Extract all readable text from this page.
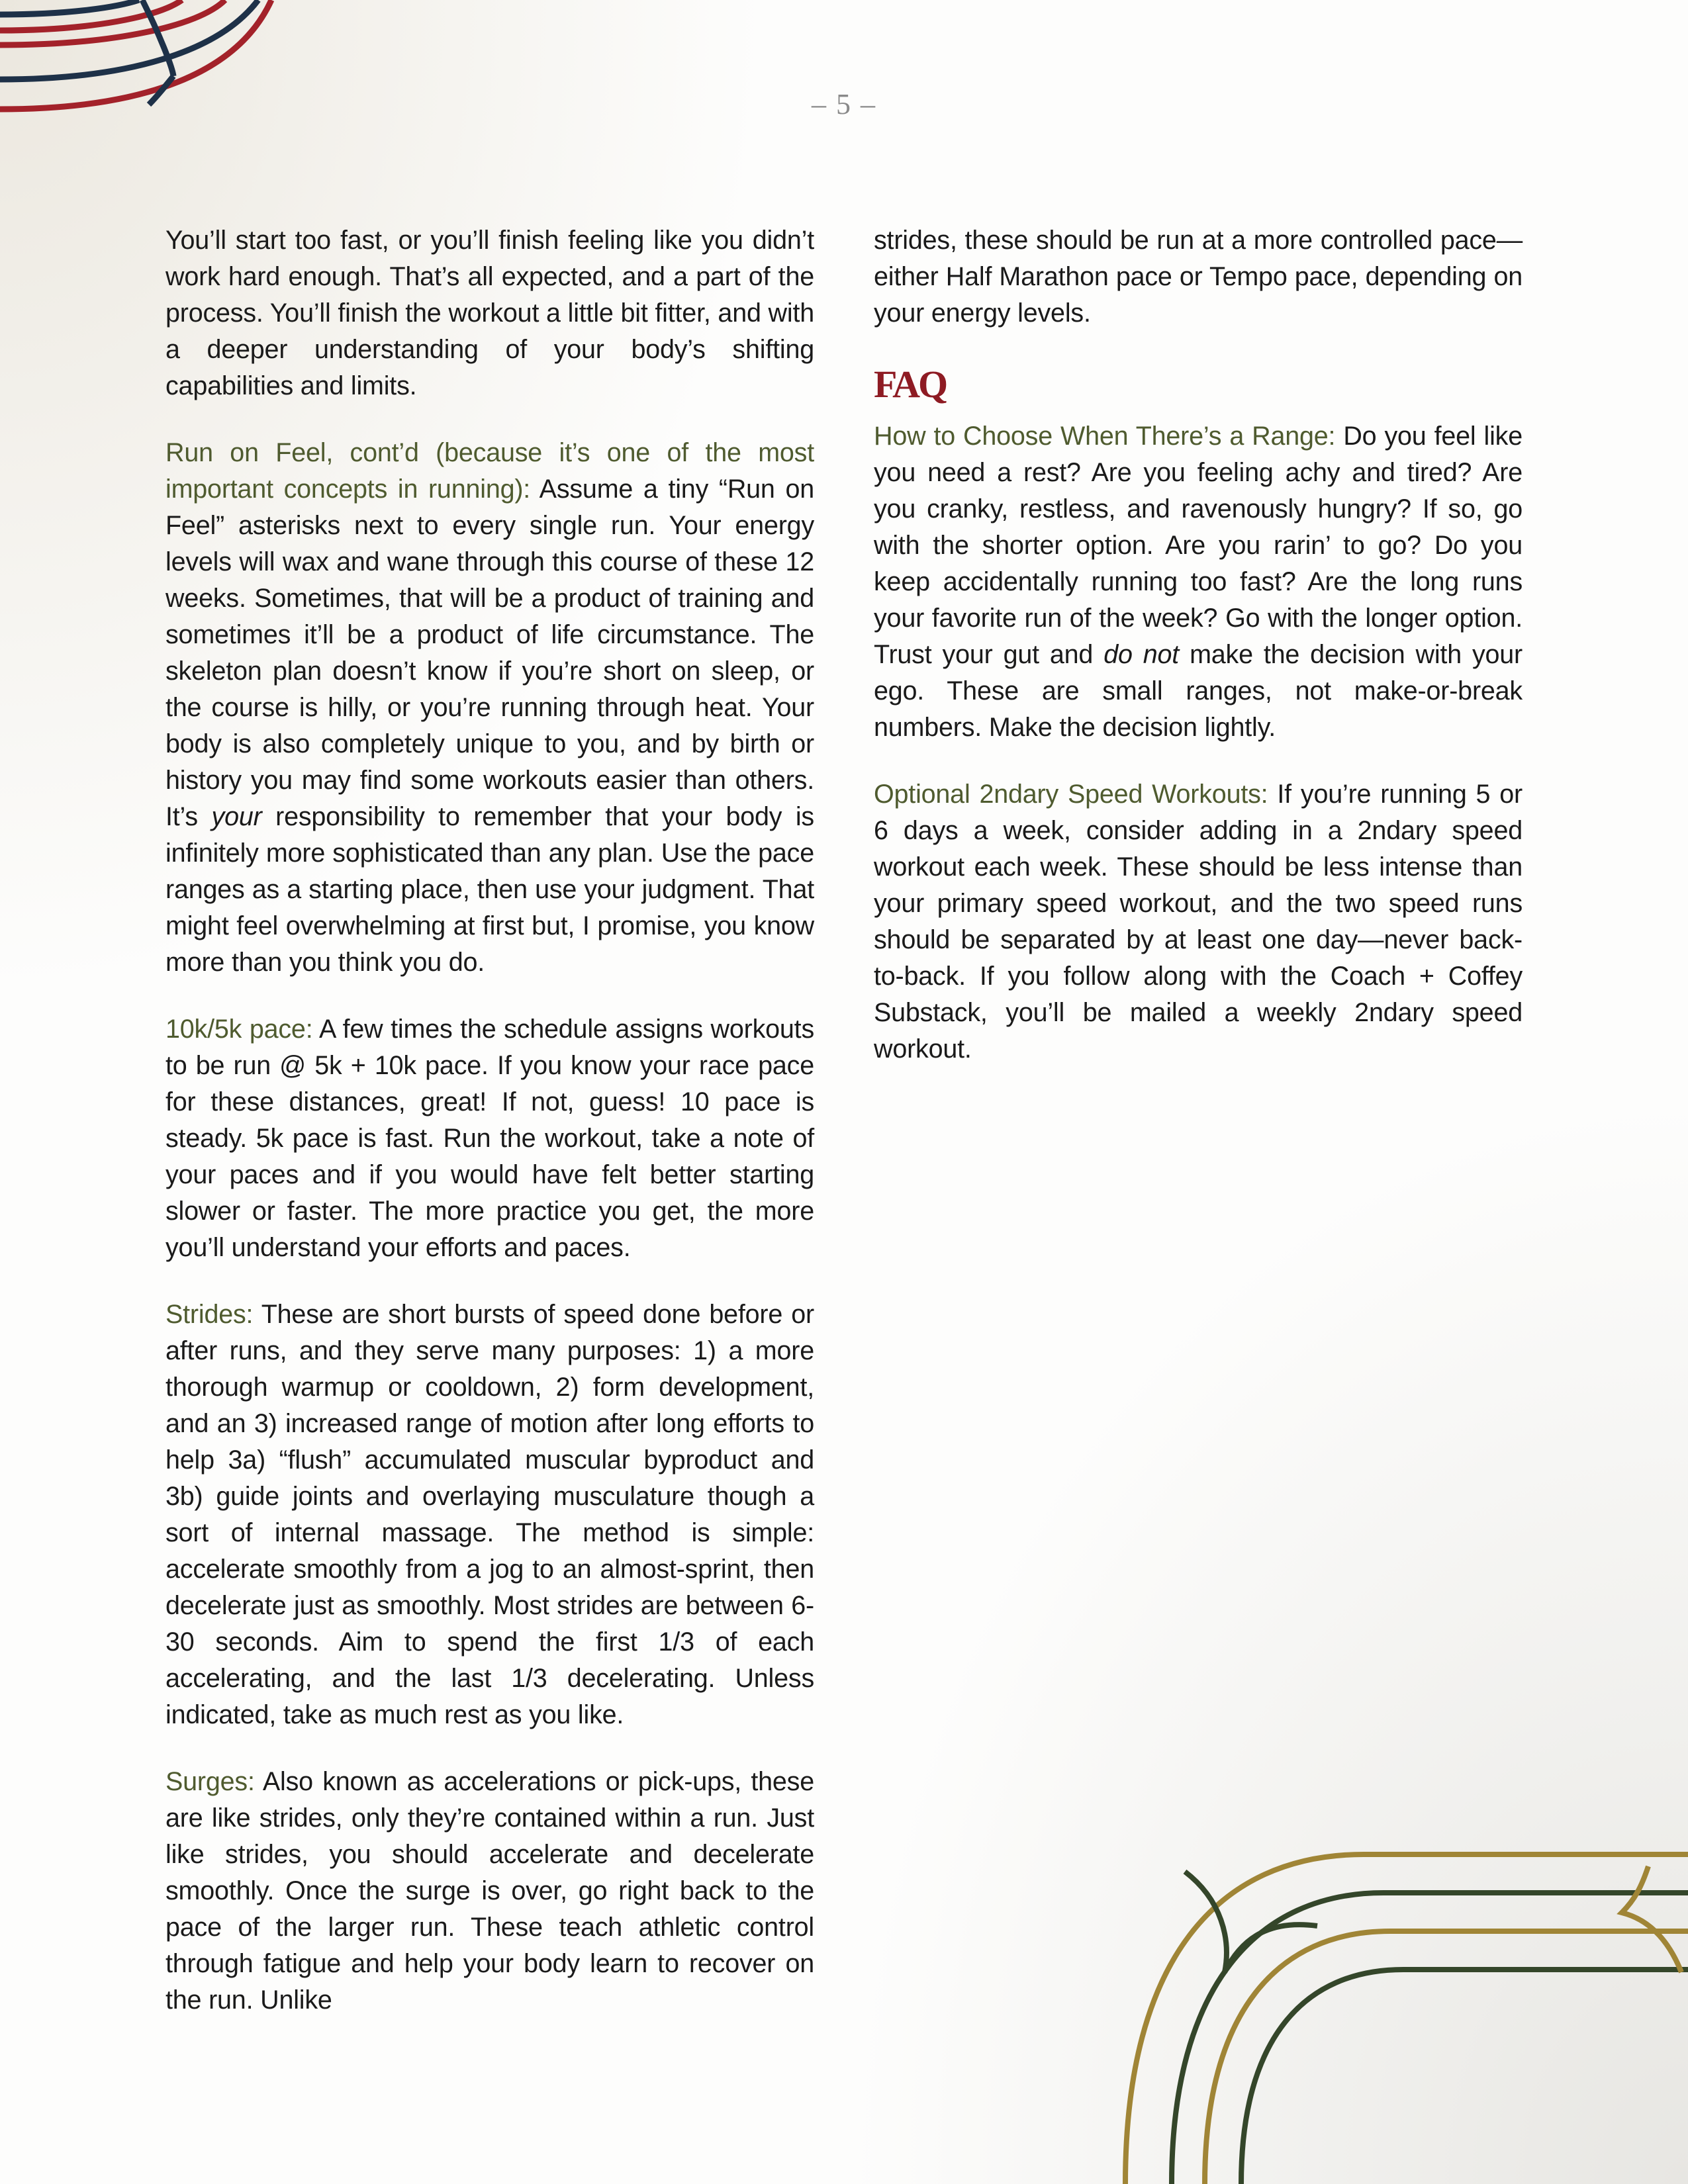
– 5 –

You’ll start too fast, or you’ll finish feeling like you didn’t work hard enough. That’s all expected, and a part of the process. You’ll finish the workout a little bit fitter, and with a deeper understanding of your body’s shifting capabilities and limits.

Run on Feel, cont’d (because it’s one of the most important concepts in running): Assume a tiny “Run on Feel” asterisks next to every single run. Your energy levels will wax and wane through this course of these 12 weeks. Sometimes, that will be a product of training and sometimes it’ll be a product of life circumstance. The skeleton plan doesn’t know if you’re short on sleep, or the course is hilly, or you’re running through heat. Your body is also completely unique to you, and by birth or history you may find some workouts easier than others. It’s your responsibility to remember that your body is infinitely more sophisticated than any plan. Use the pace ranges as a starting place, then use your judgment. That might feel overwhelming at first but, I promise, you know more than you think you do.

10k/5k pace: A few times the schedule assigns workouts to be run @ 5k + 10k pace. If you know your race pace for these distances, great! If not, guess! 10 pace is steady. 5k pace is fast. Run the workout, take a note of your paces and if you would have felt better starting slower or faster. The more practice you get, the more you’ll understand your efforts and paces.

Strides: These are short bursts of speed done before or after runs, and they serve many purposes: 1) a more thorough warmup or cooldown, 2) form development, and an 3) increased range of motion after long efforts to help 3a) “flush” accumulated muscular byproduct and 3b) guide joints and overlaying musculature though a sort of internal massage. The method is simple: accelerate smoothly from a jog to an almost-sprint, then decelerate just as smoothly. Most strides are between 6-30 seconds. Aim to spend the first 1/3 of each accelerating, and the last 1/3 decelerating. Unless indicated, take as much rest as you like.

Surges: Also known as accelerations or pick-ups, these are like strides, only they’re contained within a run. Just like strides, you should accelerate and decelerate smoothly. Once the surge is over, go right back to the pace of the larger run. These teach athletic control through fatigue and help your body learn to recover on the run. Unlike

strides, these should be run at a more controlled pace—either Half Marathon pace or Tempo pace, depending on your energy levels.

FAQ

How to Choose When There’s a Range: Do you feel like you need a rest? Are you feeling achy and tired? Are you cranky, restless, and ravenously hungry? If so, go with the shorter option. Are you rarin’ to go? Do you keep accidentally running too fast? Are the long runs your favorite run of the week? Go with the longer option. Trust your gut and do not make the decision with your ego. These are small ranges, not make-or-break numbers. Make the decision lightly.

Optional 2ndary Speed Workouts: If you’re running 5 or 6 days a week, consider adding in a 2ndary speed workout each week. These should be less intense than your primary speed workout, and the two speed runs should be separated by at least one day—never back-to-back. If you follow along with the Coach + Coffey Substack, you’ll be mailed a weekly 2ndary speed workout.
